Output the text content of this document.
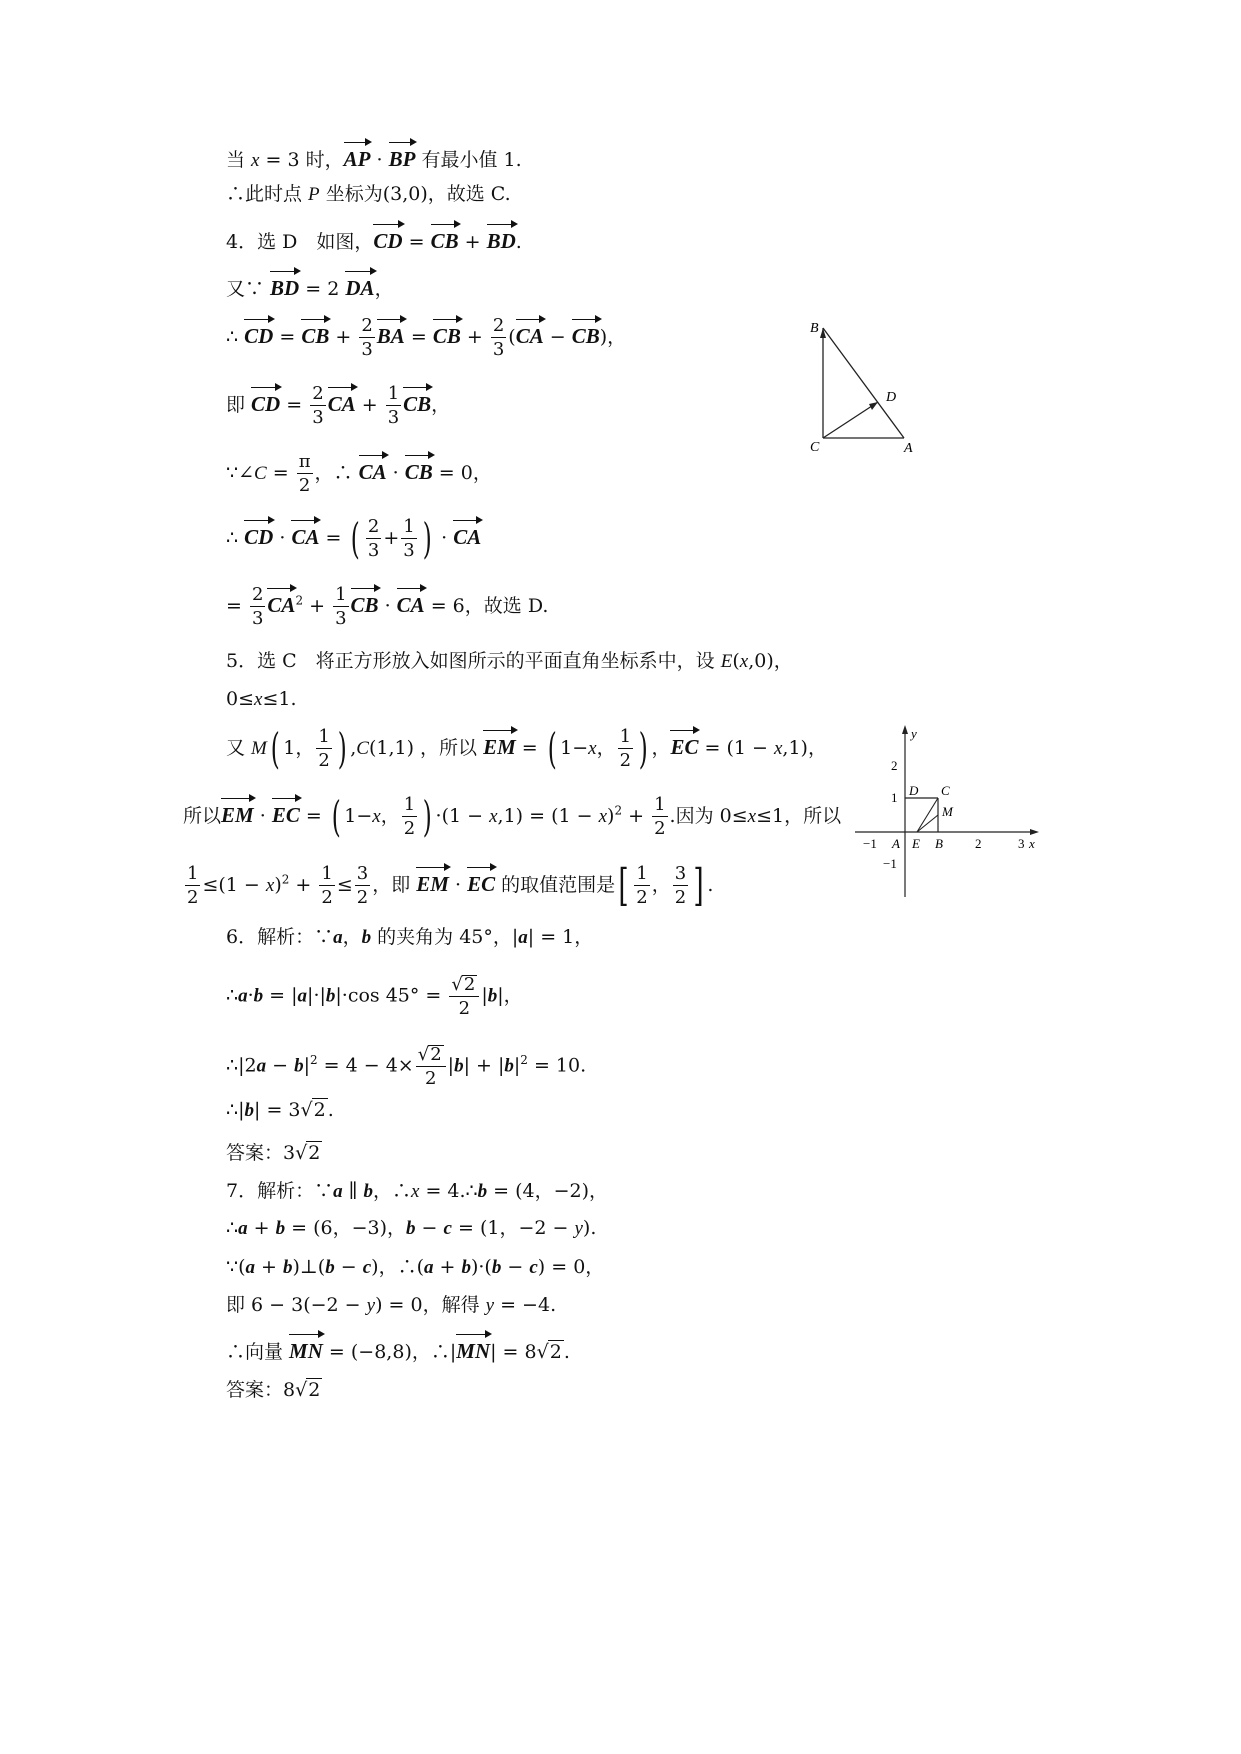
当 x = 3 时，AP · BP 有最小值 1.
∴此时点 P 坐标为(3,0)，故选 C.
4．选 D　如图，CD = CB + BD.
又∵ BD = 2 DA，
∴ CD = CB + $\frac{2}{3}$ BA = CB + $\frac{2}{3} (CA - CB)$，
即 CD = $\frac{2}{3}$ CA + $\frac{1}{3}$ CB，
∵∠C = $\frac{\pi}{2}$ ，∴ CA · CB = 0，
∴ CD · CA = ( $\frac{2}{3} + \frac{1}{3}$ ) · CA
= $\frac{2}{3} CA^2 + \frac{1}{3}$ CB · CA = 6，故选 D.
5．选 C　将正方形放入如图所示的平面直角坐标系中，设 E(x,0)，
0≤x≤1.
又 M( 1， $\frac{1}{2}$ ) ,C(1,1) ，所以 EM = ( 1−x， $\frac{1}{2}$ ) ，EC = (1 − x,1)，
所以EM · EC = ( 1−x， $\frac{1}{2}$ ) $\cdot(1 - x,1) = (1 - x)^2 + \frac{1}{2}$ .因为 0≤x≤1，所以
$\frac{1}{2} \le(1 - x)^2 + \frac{1}{2} \le \frac{3}{2}$ ，即 EM · EC 的取值范围是[ $\frac{1}{2}$ ， $\frac{3}{2}$ ] .
6．解析：∵a，b 的夹角为 45°，|a| = 1，
∴a·b = |a|·|b|·cos $45^\circ = \frac{√2}{2} |b|$，
∴|2a − $b|^2 = 4 - 4\times \frac{√2}{2} |b| + |b|^2 = 10$.
∴|b| = 3√2 .
答案：3√2
7．解析：∵a ∥ b，∴x = 4.∴b = (4，−2)，
∴a + b = (6，−3)，b − c = (1，−2 − y).
∵(a + b)⊥(b − c)，∴(a + b)·(b − c) = 0，
即 6 − 3(−2 − y) = 0，解得 y = −4.
∴向量 MN = (−8,8)，∴|MN| = 8√2 .
答案：8√2
B
C	A
D
y
x
2
1
−1
−1	2	3
A E B
D C
M
